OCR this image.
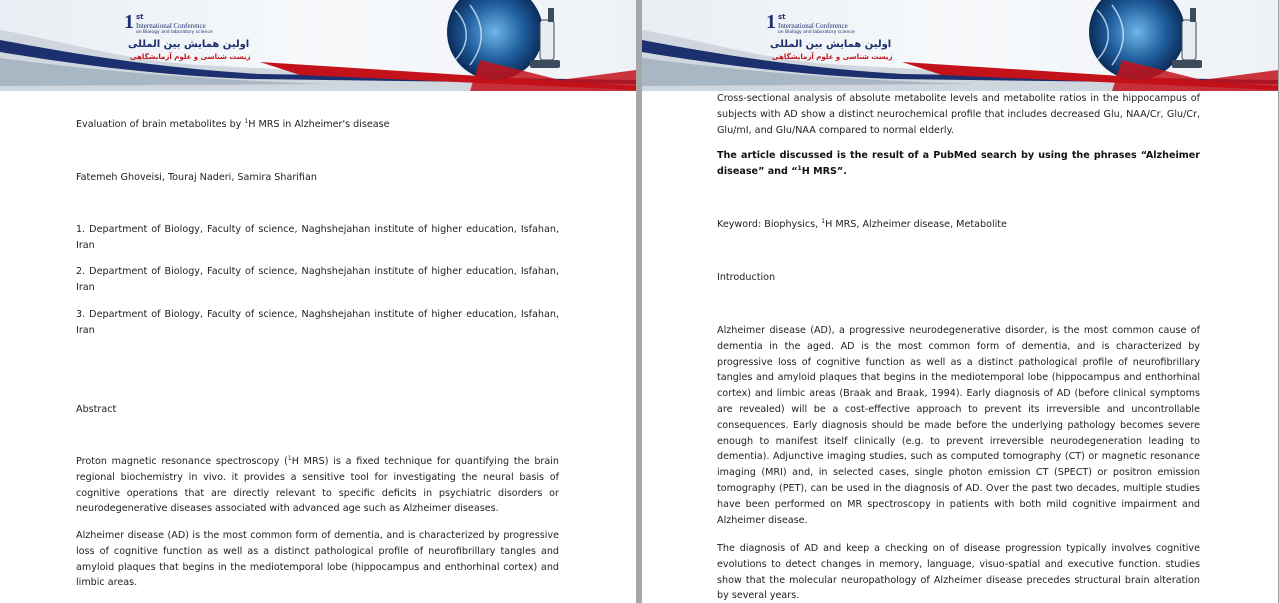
1 st
International Conference
on Biology and laboratory science
اولین همایش بین المللی
زیست شناسی و علوم آزمایشگاهی

Evaluation of brain metabolites by $^1$H MRS in Alzheimer's disease

Fatemeh Ghoveisi, Touraj Naderi, Samira Sharifian

1. Department of Biology, Faculty of science, Naghshejahan institute of higher education, Isfahan, Iran

2. Department of Biology, Faculty of science, Naghshejahan institute of higher education, Isfahan, Iran

3. Department of Biology, Faculty of science, Naghshejahan institute of higher education, Isfahan, Iran

Abstract

Proton magnetic resonance spectroscopy ($^1$H MRS) is a fixed technique for quantifying the brain regional biochemistry in vivo. it provides a sensitive tool for investigating the neural basis of cognitive operations that are directly relevant to specific deficits in psychiatric disorders or neurodegenerative diseases associated with advanced age such as Alzheimer diseases.

Alzheimer disease (AD) is the most common form of dementia, and is characterized by progressive loss of cognitive function as well as a distinct pathological profile of neurofibrillary tangles and amyloid plaques that begins in the mediotemporal lobe (hippocampus and enthorhinal cortex) and limbic areas.

1 st
International Conference
on Biology and laboratory science
اولین همایش بین المللی
زیست شناسی و علوم آزمایشگاهی

Cross-sectional analysis of absolute metabolite levels and metabolite ratios in the hippocampus of subjects with AD show a distinct neurochemical profile that includes decreased Glu, NAA/Cr, Glu/Cr, Glu/mI, and Glu/NAA compared to normal elderly.

The article discussed is the result of a PubMed search by using the phrases “Alzheimer disease” and “$^1$H MRS”.

Keyword: Biophysics, $^1$H MRS, Alzheimer disease, Metabolite

Introduction

Alzheimer disease (AD), a progressive neurodegenerative disorder, is the most common cause of dementia in the aged. AD is the most common form of dementia, and is characterized by progressive loss of cognitive function as well as a distinct pathological profile of neurofibrillary tangles and amyloid plaques that begins in the mediotemporal lobe (hippocampus and enthorhinal cortex) and limbic areas (Braak and Braak, 1994). Early diagnosis of AD (before clinical symptoms are revealed) will be a cost-effective approach to prevent its irreversible and uncontrollable consequences. Early diagnosis should be made before the underlying pathology becomes severe enough to manifest itself clinically (e.g. to prevent irreversible neurodegeneration leading to dementia). Adjunctive imaging studies, such as computed tomography (CT) or magnetic resonance imaging (MRI) and, in selected cases, single photon emission CT (SPECT) or positron emission tomography (PET), can be used in the diagnosis of AD. Over the past two decades, multiple studies have been performed on MR spectroscopy in patients with both mild cognitive impairment and Alzheimer disease.

The diagnosis of AD and keep a checking on of disease progression typically involves cognitive evolutions to detect changes in memory, language, visuo-spatial and executive function. studies show that the molecular neuropathology of Alzheimer disease precedes structural brain alteration by several years.
